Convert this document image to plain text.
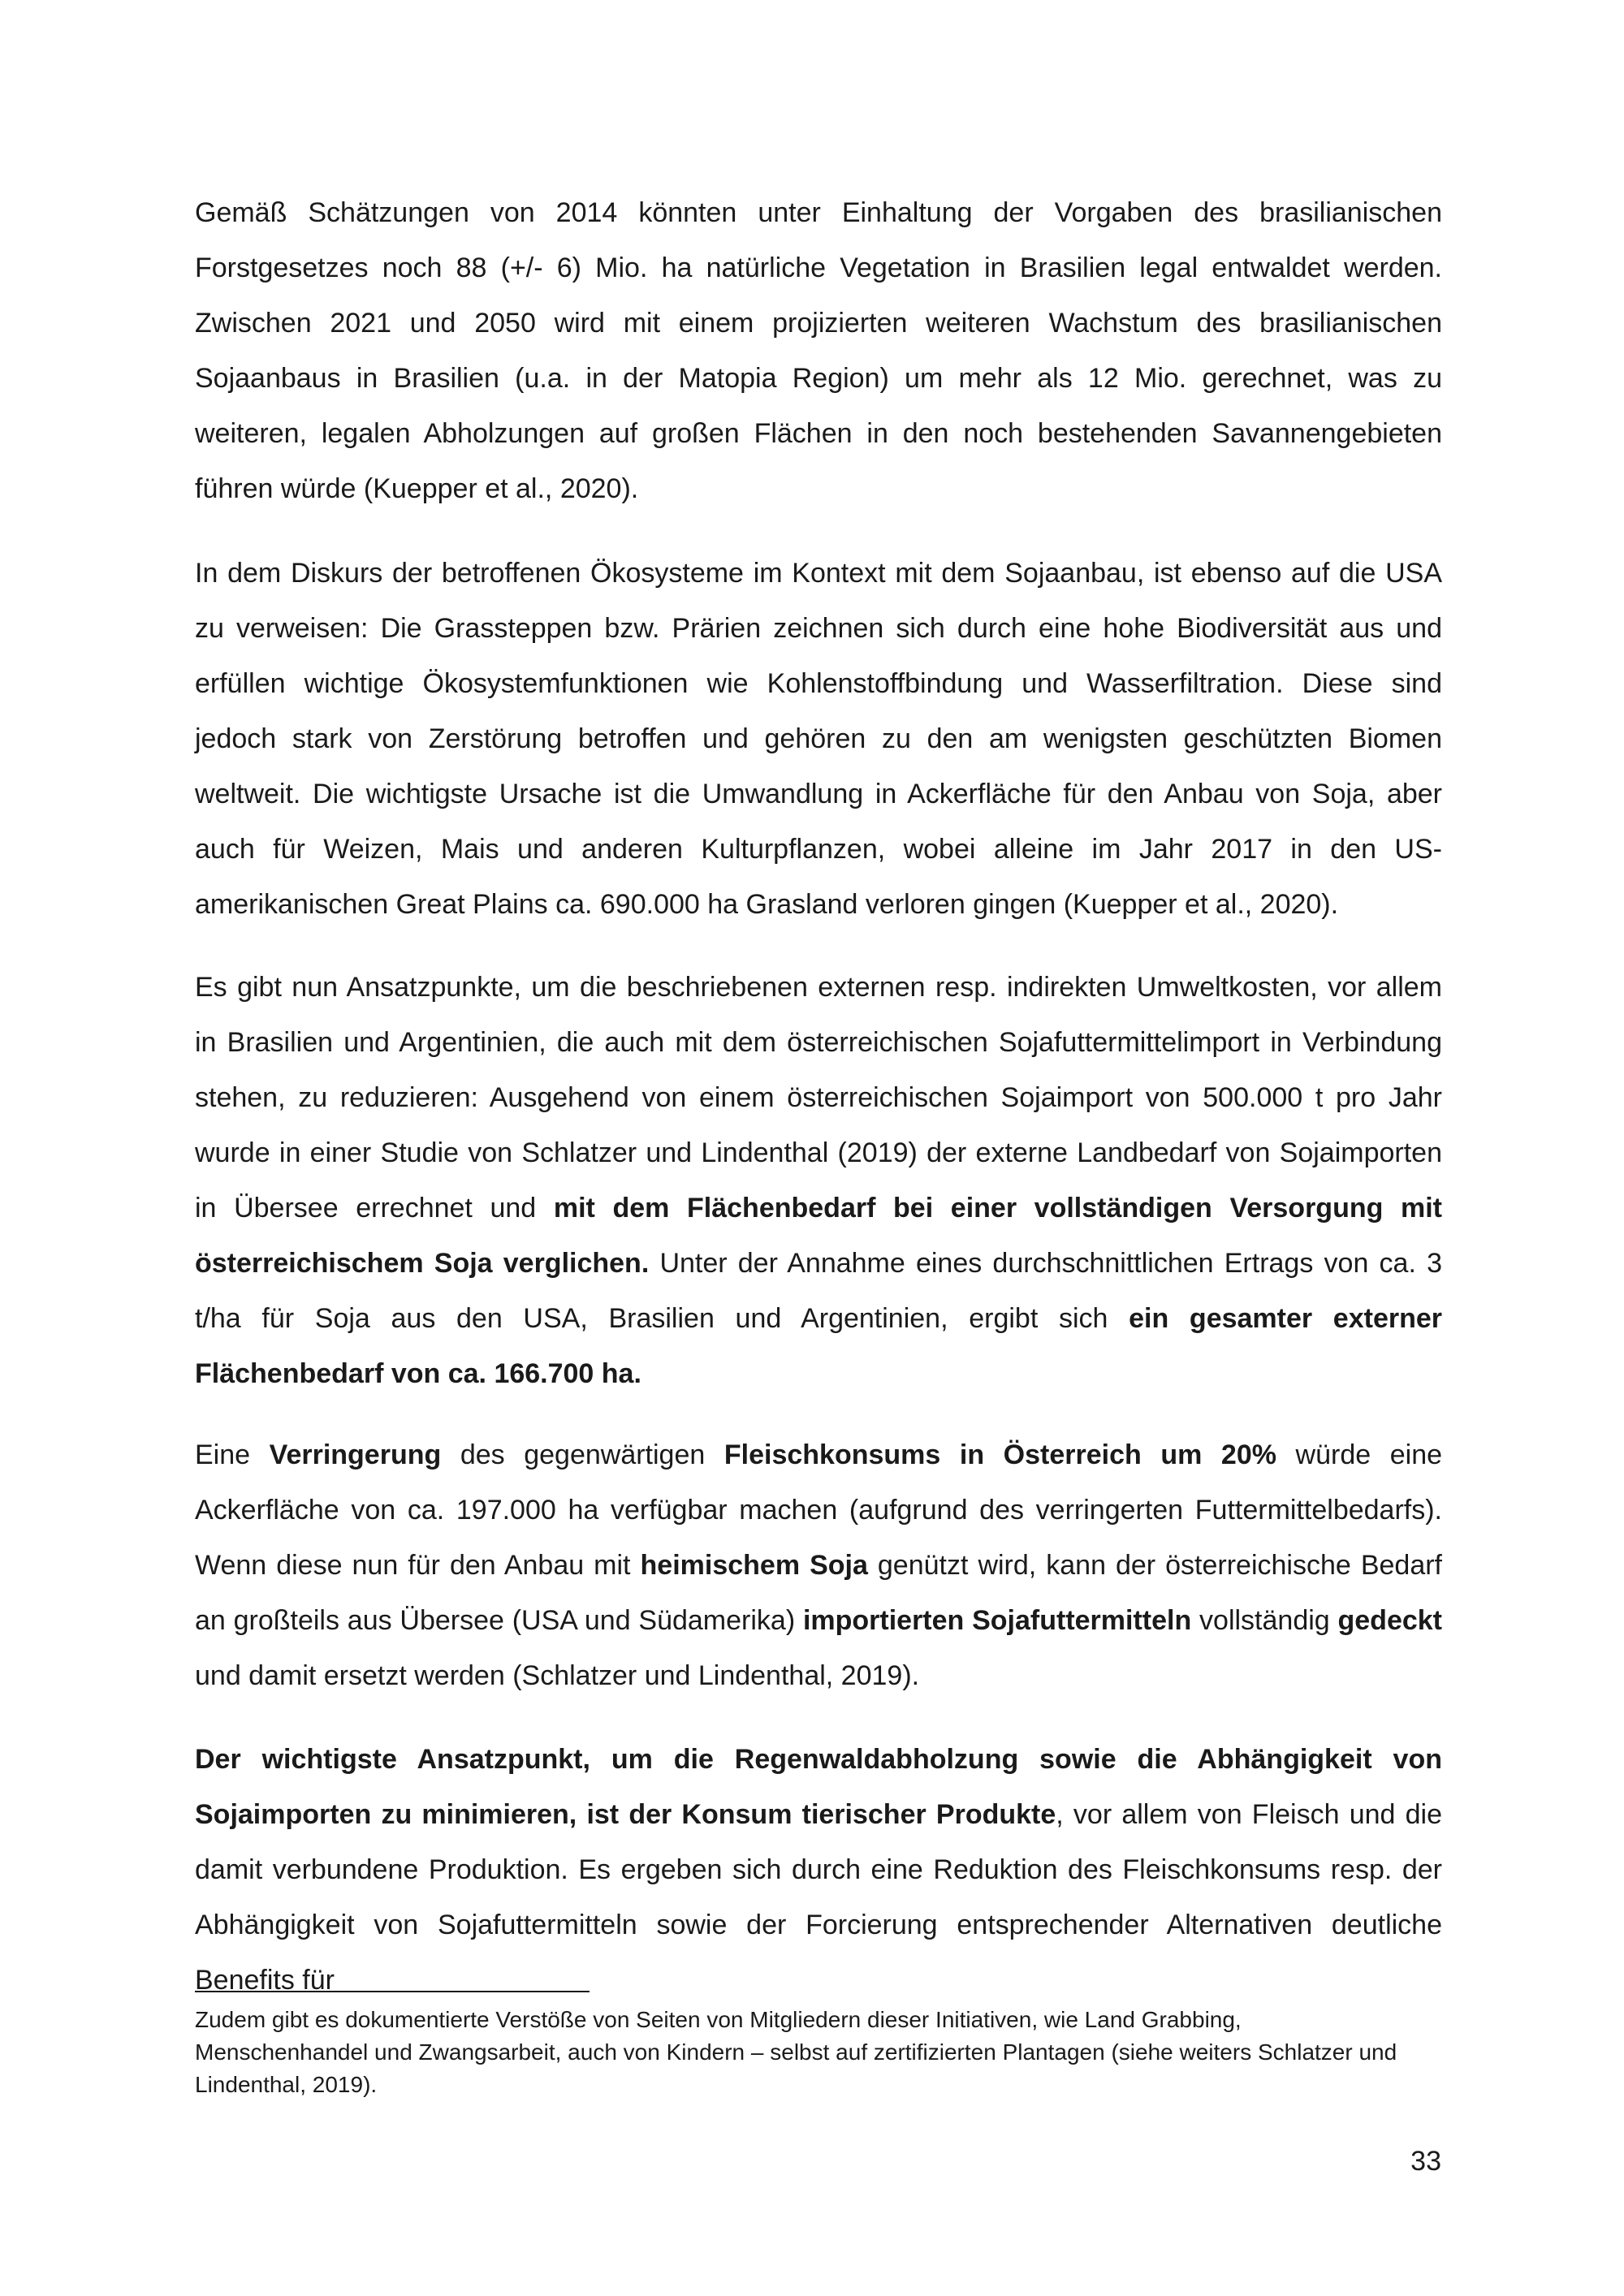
Gemäß Schätzungen von 2014 könnten unter Einhaltung der Vorgaben des brasilianischen Forstgesetzes noch 88 (+/- 6) Mio. ha natürliche Vegetation in Brasilien legal entwaldet werden. Zwischen 2021 und 2050 wird mit einem projizierten weiteren Wachstum des brasilianischen Sojaanbaus in Brasilien (u.a. in der Matopia Region) um mehr als 12 Mio. gerechnet, was zu weiteren, legalen Abholzungen auf großen Flächen in den noch bestehenden Savannengebieten führen würde (Kuepper et al., 2020).

In dem Diskurs der betroffenen Ökosysteme im Kontext mit dem Sojaanbau, ist ebenso auf die USA zu verweisen: Die Grassteppen bzw. Prärien zeichnen sich durch eine hohe Biodiversität aus und erfüllen wichtige Ökosystemfunktionen wie Kohlenstoffbindung und Wasserfiltration. Diese sind jedoch stark von Zerstörung betroffen und gehören zu den am wenigsten geschützten Biomen weltweit. Die wichtigste Ursache ist die Umwandlung in Ackerfläche für den Anbau von Soja, aber auch für Weizen, Mais und anderen Kulturpflanzen, wobei alleine im Jahr 2017 in den US-amerikanischen Great Plains ca. 690.000 ha Grasland verloren gingen (Kuepper et al., 2020).

Es gibt nun Ansatzpunkte, um die beschriebenen externen resp. indirekten Umweltkosten, vor allem in Brasilien und Argentinien, die auch mit dem österreichischen Sojafuttermittelimport in Verbindung stehen, zu reduzieren: Ausgehend von einem österreichischen Sojaimport von 500.000 t pro Jahr wurde in einer Studie von Schlatzer und Lindenthal (2019) der externe Landbedarf von Sojaimporten in Übersee errechnet und mit dem Flächenbedarf bei einer vollständigen Versorgung mit österreichischem Soja verglichen. Unter der Annahme eines durchschnittlichen Ertrags von ca. 3 t/ha für Soja aus den USA, Brasilien und Argentinien, ergibt sich ein gesamter externer Flächenbedarf von ca. 166.700 ha.

Eine Verringerung des gegenwärtigen Fleischkonsums in Österreich um 20% würde eine Ackerfläche von ca. 197.000 ha verfügbar machen (aufgrund des verringerten Futtermittelbedarfs). Wenn diese nun für den Anbau mit heimischem Soja genützt wird, kann der österreichische Bedarf an großteils aus Übersee (USA und Südamerika) importierten Sojafuttermitteln vollständig gedeckt und damit ersetzt werden (Schlatzer und Lindenthal, 2019).

Der wichtigste Ansatzpunkt, um die Regenwaldabholzung sowie die Abhängigkeit von Sojaimporten zu minimieren, ist der Konsum tierischer Produkte, vor allem von Fleisch und die damit verbundene Produktion. Es ergeben sich durch eine Reduktion des Fleischkonsums resp. der Abhängigkeit von Sojafuttermitteln sowie der Forcierung entsprechender Alternativen deutliche Benefits für

Zudem gibt es dokumentierte Verstöße von Seiten von Mitgliedern dieser Initiativen, wie Land Grabbing, Menschenhandel und Zwangsarbeit, auch von Kindern – selbst auf zertifizierten Plantagen (siehe weiters Schlatzer und Lindenthal, 2019).

33
